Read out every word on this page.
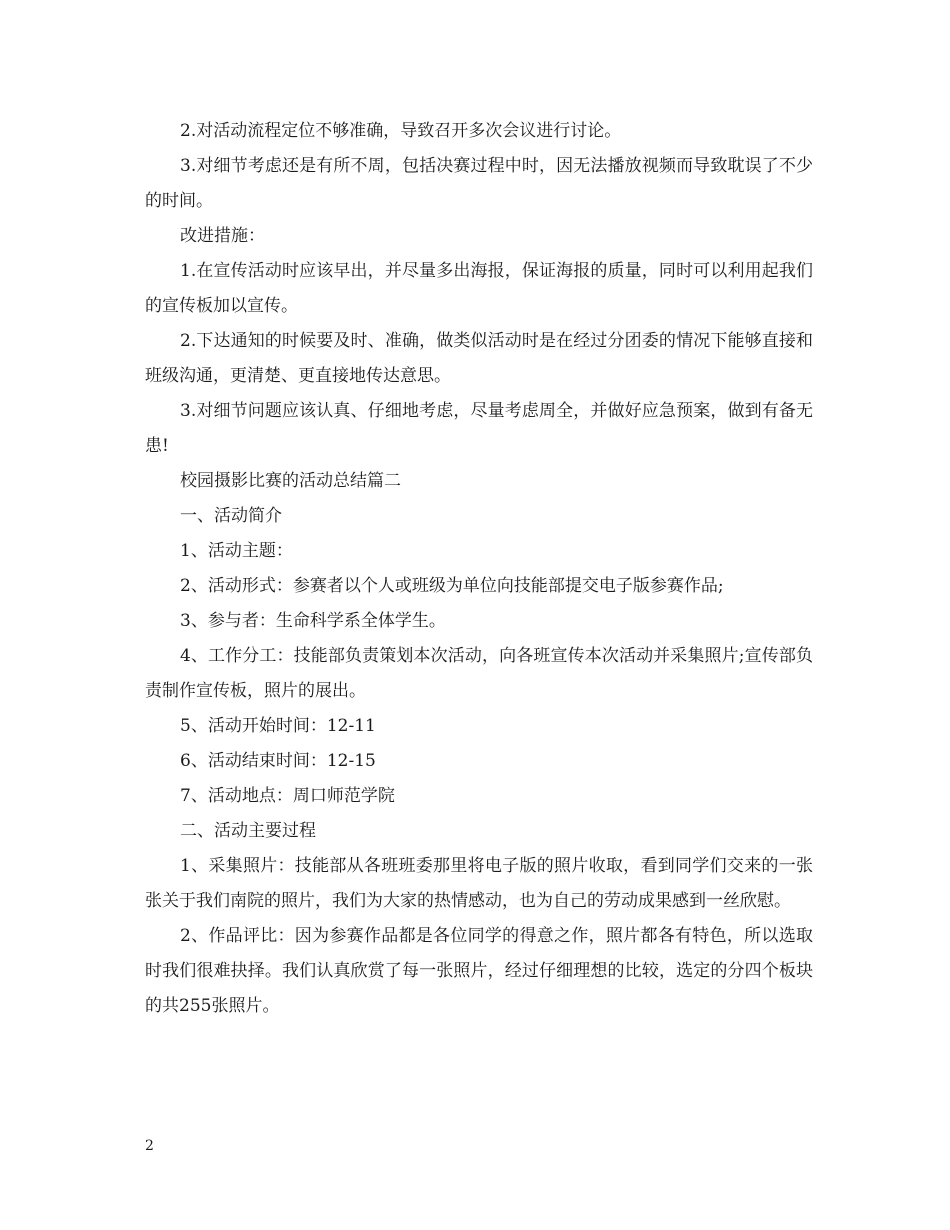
2.对活动流程定位不够准确，导致召开多次会议进行讨论。

3.对细节考虑还是有所不周，包括决赛过程中时，因无法播放视频而导致耽误了不少的时间。

改进措施：

1.在宣传活动时应该早出，并尽量多出海报，保证海报的质量，同时可以利用起我们的宣传板加以宣传。

2.下达通知的时候要及时、准确，做类似活动时是在经过分团委的情况下能够直接和班级沟通，更清楚、更直接地传达意思。

3.对细节问题应该认真、仔细地考虑，尽量考虑周全，并做好应急预案，做到有备无患!

校园摄影比赛的活动总结篇二

一、活动简介

1、活动主题：

2、活动形式：参赛者以个人或班级为单位向技能部提交电子版参赛作品;

3、参与者：生命科学系全体学生。

4、工作分工：技能部负责策划本次活动，向各班宣传本次活动并采集照片;宣传部负责制作宣传板，照片的展出。

5、活动开始时间：12-11

6、活动结束时间：12-15

7、活动地点：周口师范学院

二、活动主要过程

1、采集照片：技能部从各班班委那里将电子版的照片收取，看到同学们交来的一张张关于我们南院的照片，我们为大家的热情感动，也为自己的劳动成果感到一丝欣慰。

2、作品评比：因为参赛作品都是各位同学的得意之作，照片都各有特色，所以选取时我们很难抉择。我们认真欣赏了每一张照片，经过仔细理想的比较，选定的分四个板块的共255张照片。

2
